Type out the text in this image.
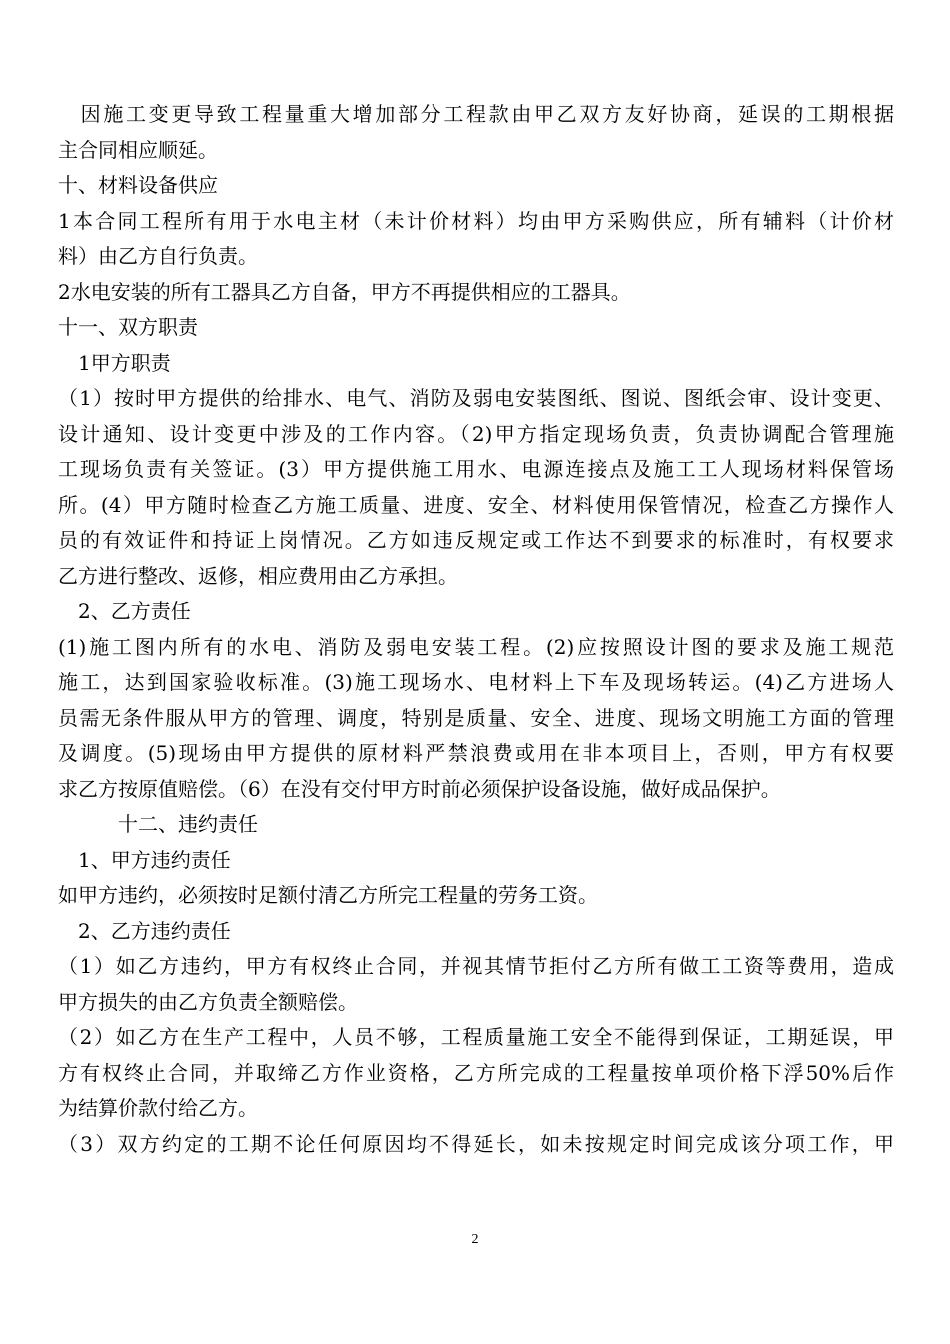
　因施工变更导致工程量重大增加部分工程款由甲乙双方友好协商，延误的工期根据
主合同相应顺延。
十、材料设备供应
1本合同工程所有用于水电主材（未计价材料）均由甲方采购供应，所有辅料（计价材
料）由乙方自行负责。
2水电安装的所有工器具乙方自备，甲方不再提供相应的工器具。
十一、双方职责
　1甲方职责
（1）按时甲方提供的给排水、电气、消防及弱电安装图纸、图说、图纸会审、设计变更、
设计通知、设计变更中涉及的工作内容。（2)甲方指定现场负责，负责协调配合管理施
工现场负责有关签证。(3）甲方提供施工用水、电源连接点及施工工人现场材料保管场
所。(4）甲方随时检查乙方施工质量、进度、安全、材料使用保管情况，检查乙方操作人
员的有效证件和持证上岗情况。乙方如违反规定或工作达不到要求的标准时，有权要求
乙方进行整改、返修，相应费用由乙方承担。
　2、乙方责任
(1)施工图内所有的水电、消防及弱电安装工程。(2)应按照设计图的要求及施工规范
施工，达到国家验收标准。(3)施工现场水、电材料上下车及现场转运。(4)乙方进场人
员需无条件服从甲方的管理、调度，特别是质量、安全、进度、现场文明施工方面的管理
及调度。(5)现场由甲方提供的原材料严禁浪费或用在非本项目上，否则，甲方有权要
求乙方按原值赔偿。（6）在没有交付甲方时前必须保护设备设施，做好成品保护。
　　　十二、违约责任
　1、甲方违约责任
如甲方违约，必须按时足额付清乙方所完工程量的劳务工资。
　2、乙方违约责任
（1）如乙方违约，甲方有权终止合同，并视其情节拒付乙方所有做工工资等费用，造成
甲方损失的由乙方负责全额赔偿。
（2）如乙方在生产工程中，人员不够，工程质量施工安全不能得到保证，工期延误，甲
方有权终止合同，并取缔乙方作业资格，乙方所完成的工程量按单项价格下浮50%后作
为结算价款付给乙方。
（3）双方约定的工期不论任何原因均不得延长，如未按规定时间完成该分项工作，甲
2
